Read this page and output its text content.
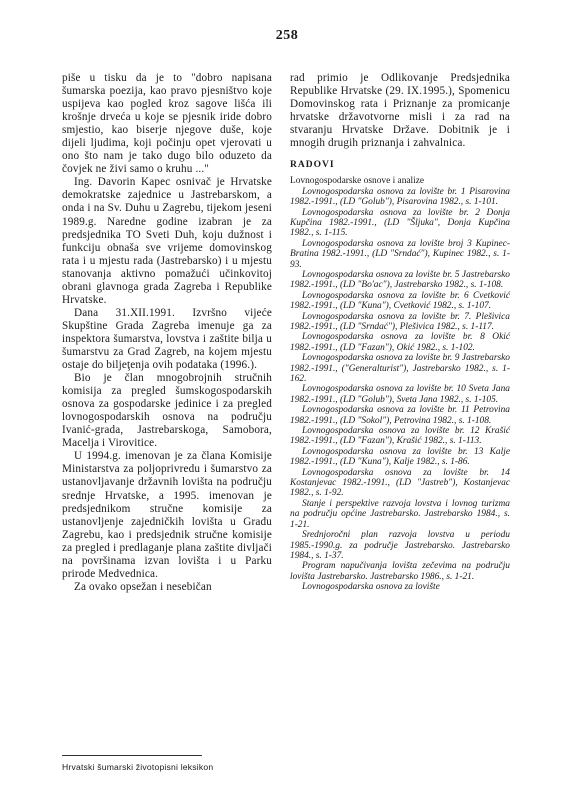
258

piše u tisku da je to "dobro napisana šumarska poezija, kao pravo pjesništvo koje uspijeva kao pogled kroz sagove lišća ili krošnje drveća u koje se pjesnik iride dobro smjestio, kao biserje njegove duše, koje dijeli ljudima, koji počinju opet vjerovati u ono što nam je tako dugo bilo oduzeto da čovjek ne živi samo o kruhu ..."

Ing. Davorin Kapec osnivač je Hrvatske demokratske zajednice u Jastrebarskom, a onda i na Sv. Duhu u Zagrebu, tijekom jeseni 1989.g. Naredne godine izabran je za predsjednika TO Sveti Duh, koju dužnost i funkciju obnaša sve vrijeme domovinskog rata i u mjestu rada (Jastrebarsko) i u mjestu stanovanja aktivno pomažući učinkovitoj obrani glavnoga grada Zagreba i Republike Hrvatske.

Dana 31.XII.1991. Izvršno vijeće Skupštine Grada Zagreba imenuje ga za inspektora šumarstva, lovstva i zaštite bilja u šumarstvu za Grad Zagreb, na kojem mjestu ostaje do biljeţenja ovih podataka (1996.).

Bio je član mnogobrojnih stručnih komisija za pregled šumskogospodarskih osnova za gospodarske jedinice i za pregled lovnogospodarskih osnova na području Ivanić-grada, Jastrebarskoga, Samobora, Macelja i Virovitice.

U 1994.g. imenovan je za člana Komisije Ministarstva za poljoprivredu i šumarstvo za ustanovljavanje državnih lovišta na području srednje Hrvatske, a 1995. imenovan je predsjednikom stručne komisije za ustanovljenje zajedničkih lovišta u Gradu Zagrebu, kao i predsjednik stručne komisije za pregled i predlaganje plana zaštite divljači na površinama izvan lovišta i u Parku prirode Medvednica.

Za ovako opsežan i nesebičan

rad primio je Odlikovanje Predsjednika Republike Hrvatske (29. IX.1995.), Spomenicu Domovinskog rata i Priznanje za promicanje hrvatske državotvorne misli i za rad na stvaranju Hrvatske Države. Dobitnik je i mnogih drugih priznanja i zahvalnica.

RADOVI

Lovnogospodarske osnove i analize

Lovnogospodarska osnova za lovište br. 1 Pisarovina 1982.-1991., (LD "Golub"), Pisarovina 1982., s. 1-101.

Lovnogospodarska osnova za lovište br. 2 Donja Kupčina 1982.-1991., (LD "Šljuka", Donja Kupčina 1982., s. 1-115.

Lovnogospodarska osnova za lovište broj 3 Kupinec-Bratina 1982.-1991., (LD "Srndać"), Kupinec 1982., s. 1-93.

Lovnogospodarska osnova za lovište br. 5 Jastrebarsko 1982.-1991., (LD "Bo'ac"), Jastrebarsko 1982., s. 1-108.

Lovnogospodarska osnova za lovište br. 6 Cvetković 1982.-1991., (LD "Kuna"), Cvetković 1982., s. 1-107.

Lovnogospodarska osnova za lovište br. 7. Plešivica 1982.-1991., (LD "Srndać"), Plešivica 1982., s. 1-117.

Lovnogospodarska osnova za lovište br. 8 Okić 1982.-1991., (LD "Fazan"), Okić 1982., s. 1-102.

Lovnogospodarska osnova za lovište br. 9 Jastrebarsko 1982.-1991., ("Generalturist"), Jastrebarsko 1982., s. 1-162.

Lovnogospodarska osnova za lovište br. 10 Sveta Jana 1982.-1991., (LD "Golub"), Sveta Jana 1982., s. 1-105.

Lovnogospodarska osnova za lovište br. 11 Petrovina 1982.-1991., (LD "Sokol"), Petrovina 1982., s. 1-108.

Lovnogospodarska osnova za lovište br. 12 Krašić 1982.-1991., (LD "Fazan"), Krašić 1982., s. 1-113.

Lovnogospodarska osnova za lovište br. 13 Kalje 1982.-1991., (LD "Kuna"), Kalje 1982., s. 1-86.

Lovnogospodarska osnova za lovište br. 14 Kostanjevac 1982.-1991., (LD "Jastreb"), Kostanjevac 1982., s. 1-92.

Stanje i perspektive razvoja lovstva i lovnog turizma na području općine Jastrebarsko. Jastrebarsko 1984., s. 1-21.

Srednjoročni plan razvoja lovstva u periodu 1985.-1990.g. za područje Jastrebarsko. Jastrebarsko 1984., s. 1-37.

Program napučivanja lovišta zečevima na području lovišta Jastrebarsko. Jastrebarsko 1986., s. 1-21.

Lovnogospodarska osnova za lovište

Hrvatski šumarski životopisni leksikon
